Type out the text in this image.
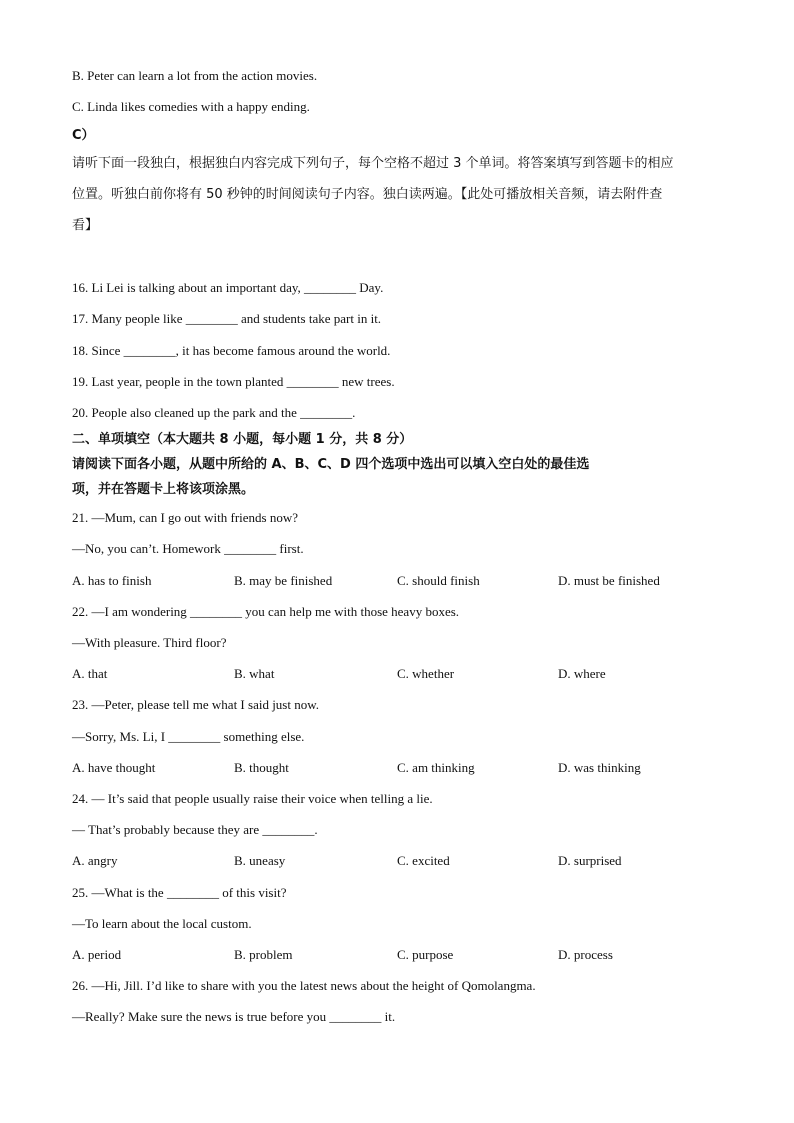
B. Peter can learn a lot from the action movies.
C. Linda likes comedies with a happy ending.
C）
请听下面一段独白，根据独白内容完成下列句子，每个空格不超过 3 个单词。将答案填写到答题卡的相应
位置。听独白前你将有 50 秒钟的时间阅读句子内容。独白读两遍。【此处可播放相关音频，请去附件查
看】
16. Li Lei is talking about an important day, ________ Day.
17. Many people like ________ and students take part in it.
18. Since ________, it has become famous around the world.
19. Last year, people in the town planted ________ new trees.
20. People also cleaned up the park and the ________.
二、单项填空（本大题共 8 小题，每小题 1 分，共 8 分）
请阅读下面各小题，从题中所给的 A、B、C、D 四个选项中选出可以填入空白处的最佳选
项，并在答题卡上将该项涂黑。
21. —Mum, can I go out with friends now?
—No, you can’t. Homework ________ first.
A. has to finish	B. may be finished	C. should finish	D. must be finished
22. —I am wondering ________ you can help me with those heavy boxes.
—With pleasure. Third floor?
A. that	B. what	C. whether	D. where
23. —Peter, please tell me what I said just now.
—Sorry, Ms. Li, I ________ something else.
A. have thought	B. thought	C. am thinking	D. was thinking
24. — It’s said that people usually raise their voice when telling a lie.
— That’s probably because they are ________.
A. angry	B. uneasy	C. excited	D. surprised
25. —What is the ________ of this visit?
—To learn about the local custom.
A. period	B. problem	C. purpose	D. process
26. —Hi, Jill. I’d like to share with you the latest news about the height of Qomolangma.
—Really? Make sure the news is true before you ________ it.
